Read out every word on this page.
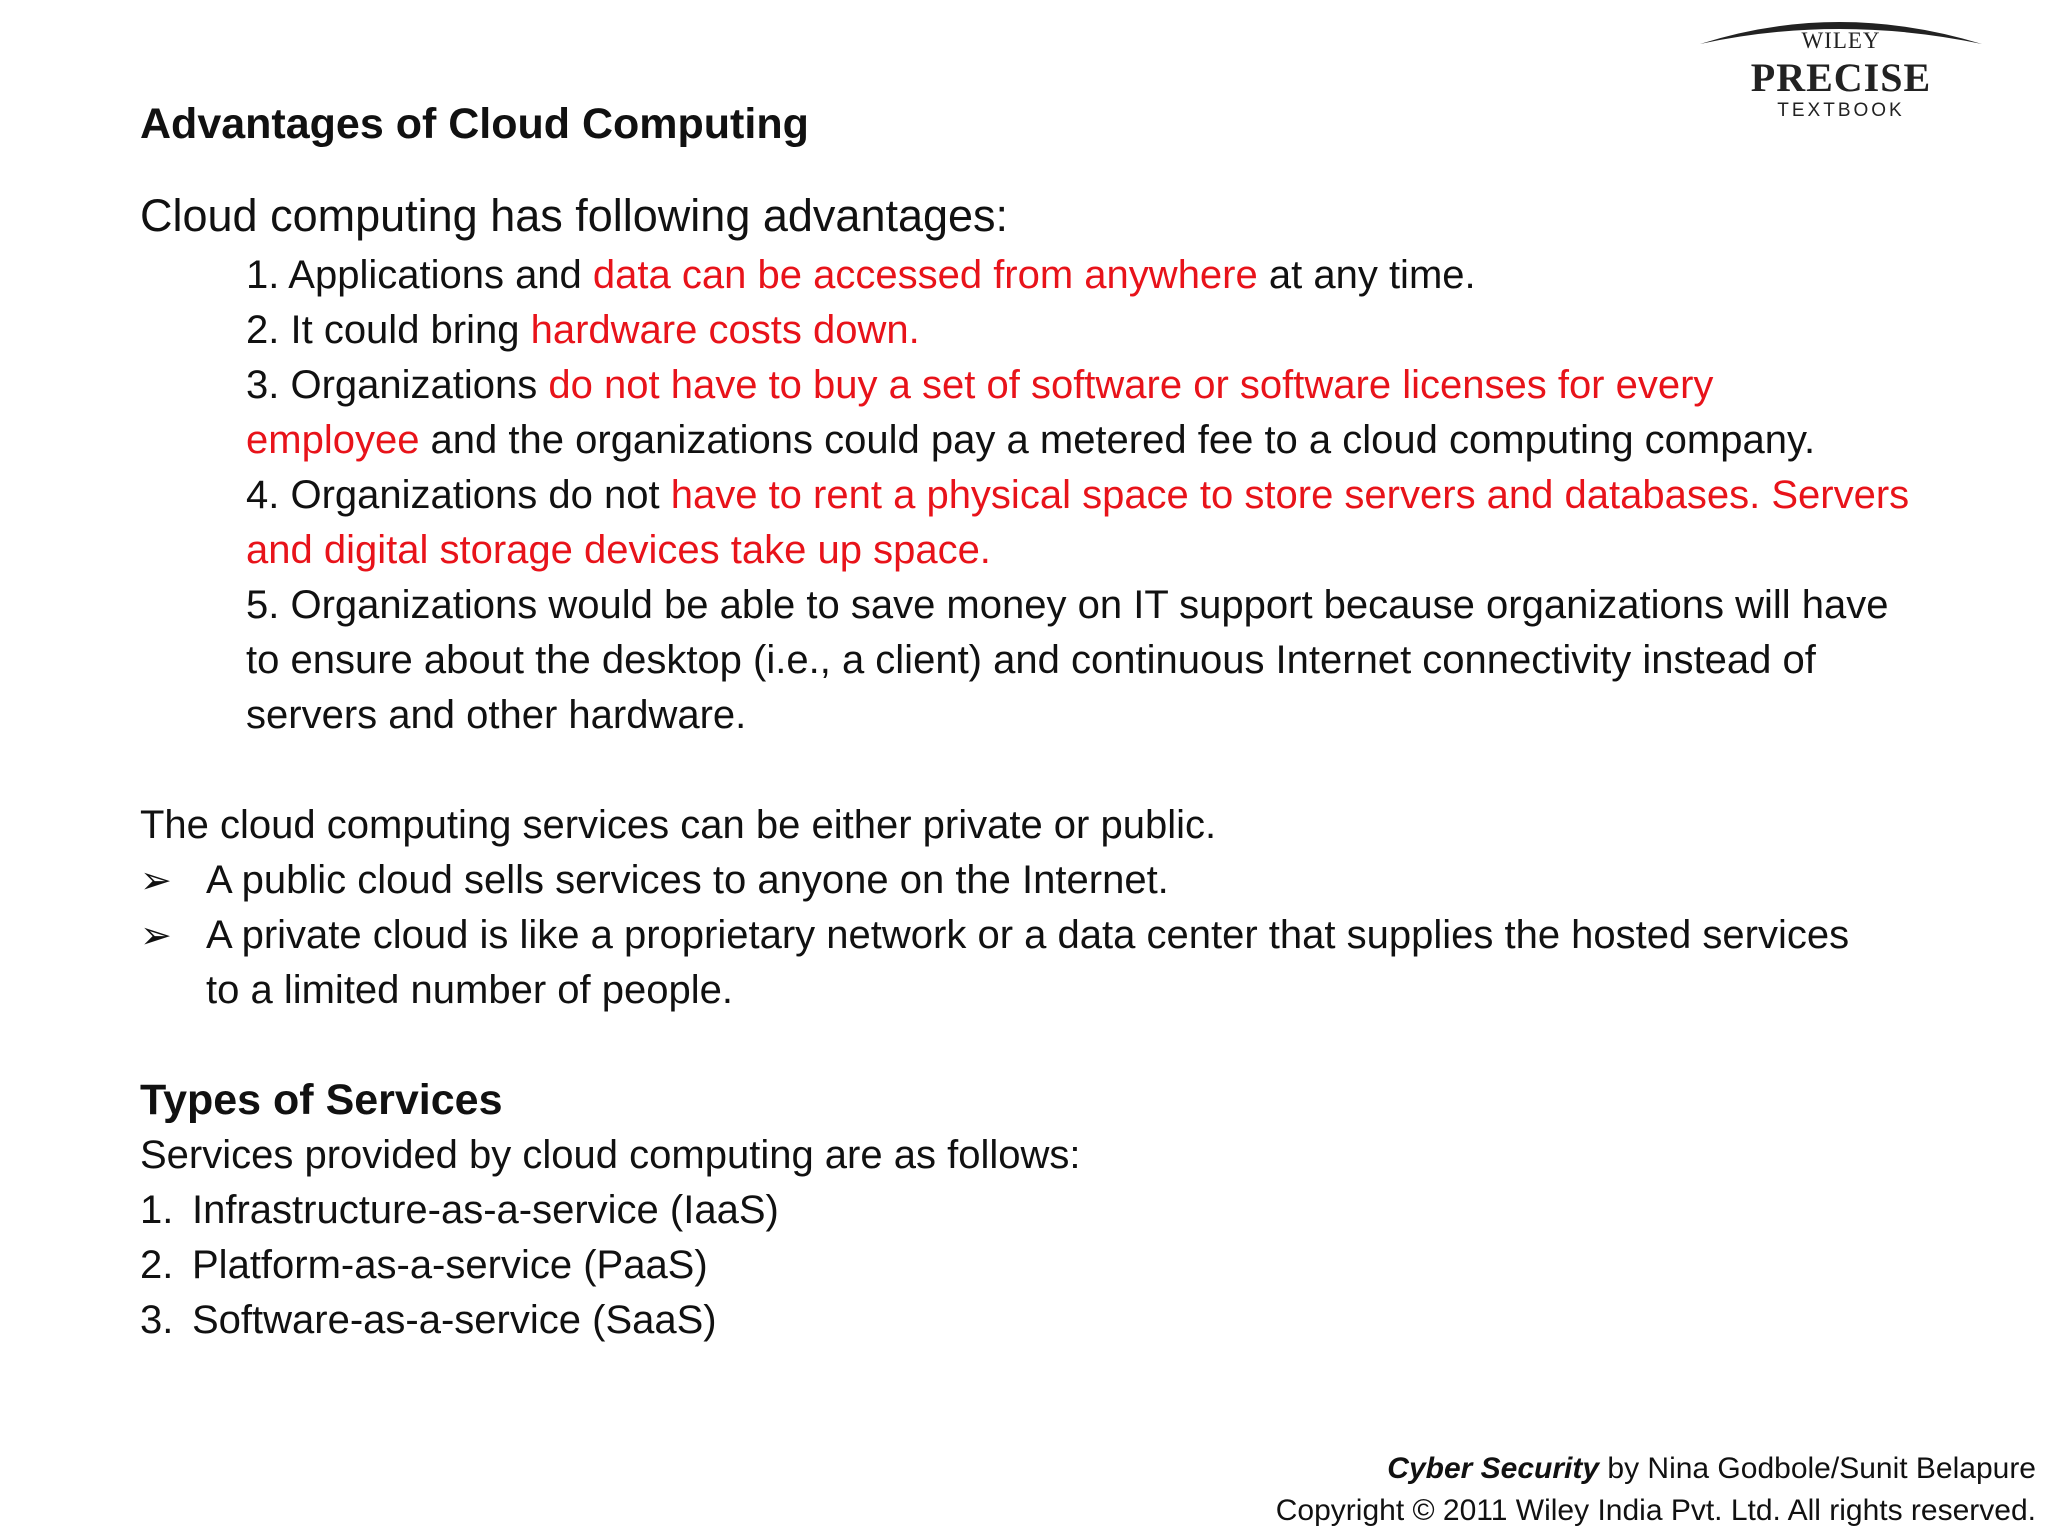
WILEY
PRECISE
TEXTBOOK
Advantages of Cloud Computing
Cloud computing has following advantages:
1. Applications and data can be accessed from anywhere at any time.
2. It could bring hardware costs down.
3. Organizations do not have to buy a set of software or software licenses for every
employee and the organizations could pay a metered fee to a cloud computing company.
4. Organizations do not have to rent a physical space to store servers and databases. Servers
and digital storage devices take up space.
5. Organizations would be able to save money on IT support because organizations will have
to ensure about the desktop (i.e., a client) and continuous Internet connectivity instead of
servers and other hardware.
The cloud computing services can be either private or public.
➢ A public cloud sells services to anyone on the Internet.
➢ A private cloud is like a proprietary network or a data center that supplies the hosted services
to a limited number of people.
Types of Services
Services provided by cloud computing are as follows:
1. Infrastructure-as-a-service (IaaS)
2. Platform-as-a-service (PaaS)
3. Software-as-a-service (SaaS)
Cyber Security by Nina Godbole/Sunit Belapure
Copyright © 2011 Wiley India Pvt. Ltd. All rights reserved.
